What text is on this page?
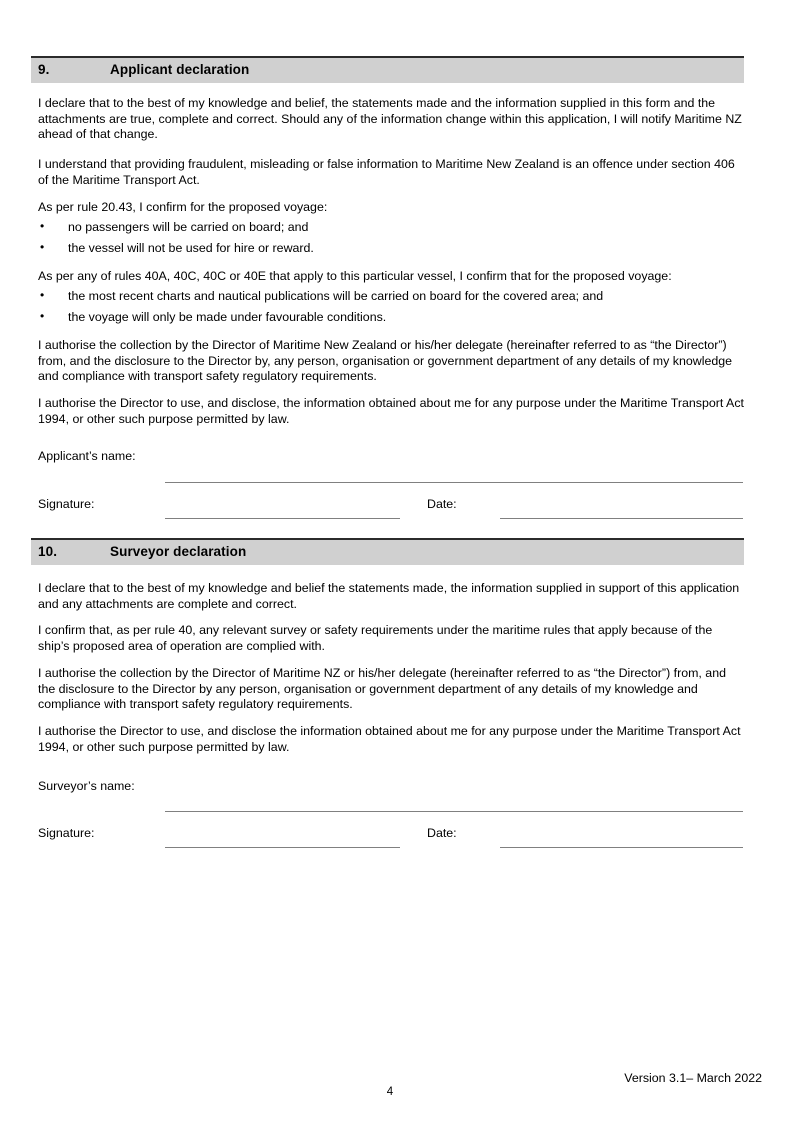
9.	Applicant declaration
I declare that to the best of my knowledge and belief, the statements made and the information supplied in this form and the attachments are true, complete and correct. Should any of the information change within this application, I will notify Maritime NZ ahead of that change.
I understand that providing fraudulent, misleading or false information to Maritime New Zealand is an offence under section 406 of the Maritime Transport Act.
As per rule 20.43, I confirm for the proposed voyage:
• no passengers will be carried on board; and
• the vessel will not be used for hire or reward.
As per any of rules 40A, 40C, 40C or 40E that apply to this particular vessel, I confirm that for the proposed voyage:
• the most recent charts and nautical publications will be carried on board for the covered area; and
• the voyage will only be made under favourable conditions.
I authorise the collection by the Director of Maritime New Zealand or his/her delegate (hereinafter referred to as “the Director”) from, and the disclosure to the Director by, any person, organisation or government department of any details of my knowledge and compliance with transport safety regulatory requirements.
I authorise the Director to use, and disclose, the information obtained about me for any purpose under the Maritime Transport Act 1994, or other such purpose permitted by law.
Applicant’s name:
Signature:	Date:
10.	Surveyor declaration
I declare that to the best of my knowledge and belief the statements made, the information supplied in support of this application and any attachments are complete and correct.
I confirm that, as per rule 40, any relevant survey or safety requirements under the maritime rules that apply because of the ship’s proposed area of operation are complied with.
I authorise the collection by the Director of Maritime NZ or his/her delegate (hereinafter referred to as “the Director”) from, and the disclosure to the Director by any person, organisation or government department of any details of my knowledge and compliance with transport safety regulatory requirements.
I authorise the Director to use, and disclose the information obtained about me for any purpose under the Maritime Transport Act 1994, or other such purpose permitted by law.
Surveyor’s name:
Signature:	Date:
Version 3.1– March 2022
4
